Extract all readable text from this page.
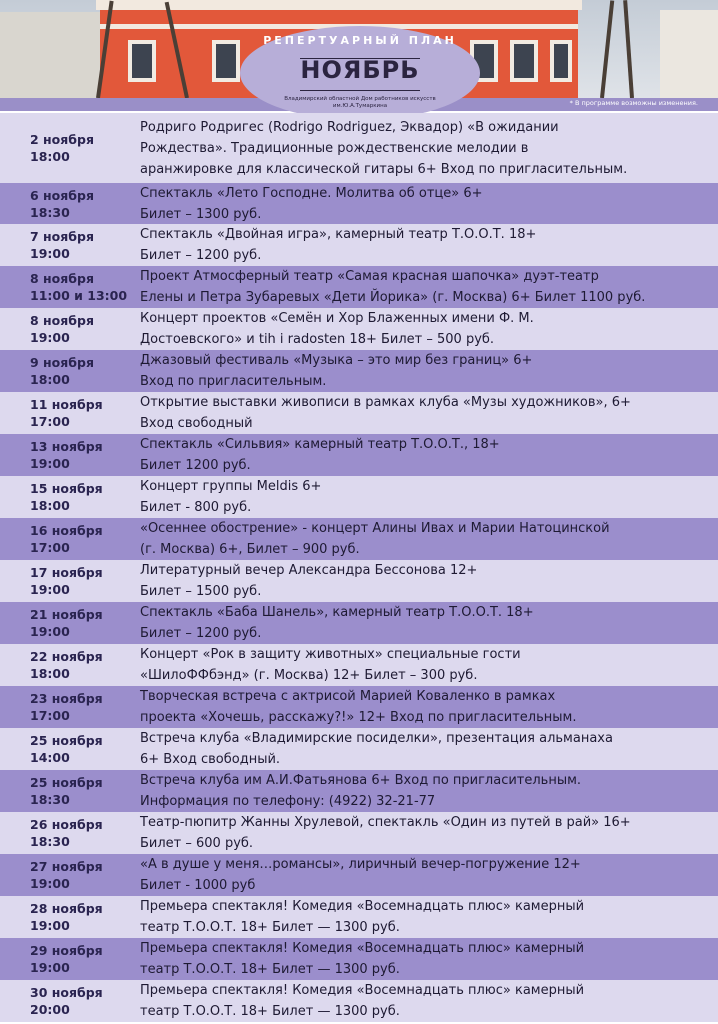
РЕПЕРТУАРНЫЙ ПЛАН
НОЯБРЬ
Владимирский областной Дом работников искусств
им.Ю.А.Тумаркина	* В программе возможны изменения.
2 ноября
18:00
Родриго Родригес (Rodrigo Rodriguez, Эквадор) «В ожидании
Рождества». Традиционные рождественские мелодии в
аранжировке для классической гитары 6+ Вход по пригласительным.
6 ноября
18:30
Спектакль «Лето Господне. Молитва об отце» 6+
Билет – 1300 руб.
7 ноября
19:00
Спектакль «Двойная игра», камерный театр Т.О.О.Т. 18+
Билет – 1200 руб.
8 ноября
11:00 и 13:00
Проект Атмосферный театр «Самая красная шапочка» дуэт-театр
Елены и Петра Зубаревых «Дети Йорика» (г. Москва) 6+ Билет 1100 руб.
8 ноября
19:00
Концерт проектов «Семён и Хор Блаженных имени Ф. М.
Достоевского» и tih i radosten 18+ Билет – 500 руб.
9 ноября
18:00
Джазовый фестиваль «Музыка – это мир без границ» 6+
Вход по пригласительным.
11 ноября
17:00
Открытие выставки живописи в рамках клуба «Музы художников», 6+
Вход свободный
13 ноября
19:00
Спектакль «Сильвия» камерный театр Т.О.О.Т., 18+
Билет 1200 руб.
15 ноября
18:00
Концерт группы Meldis 6+
Билет - 800 руб.
16 ноября
17:00
«Осеннее обострение» - концерт Алины Ивах и Марии Натоцинской
(г. Москва) 6+, Билет – 900 руб.
17 ноября
19:00
Литературный вечер Александра Бессонова 12+
Билет – 1500 руб.
21 ноября
19:00
Спектакль «Баба Шанель», камерный театр Т.О.О.Т. 18+
Билет – 1200 руб.
22 ноября
18:00
Концерт «Рок в защиту животных» специальные гости
«ШилоФФбэнд» (г. Москва) 12+ Билет – 300 руб.
23 ноября
17:00
Творческая встреча с актрисой Марией Коваленко в рамках
проекта «Хочешь, расскажу?!» 12+ Вход по пригласительным.
25 ноября
14:00
Встреча клуба «Владимирские посиделки», презентация альманаха
6+ Вход свободный.
25 ноября
18:30
Встреча клуба им А.И.Фатьянова 6+ Вход по пригласительным.
Информация по телефону: (4922) 32-21-77
26 ноября
18:30
Театр-пюпитр Жанны Хрулевой, спектакль «Один из путей в рай» 16+
Билет – 600 руб.
27 ноября
19:00
«А в душе у меня…романсы», лиричный вечер-погружение 12+
Билет - 1000 руб
28 ноября
19:00
Премьера спектакля! Комедия «Восемнадцать плюс» камерный
театр Т.О.О.Т. 18+ Билет — 1300 руб.
29 ноября
19:00
Премьера спектакля! Комедия «Восемнадцать плюс» камерный
театр Т.О.О.Т. 18+ Билет — 1300 руб.
30 ноября
20:00
Премьера спектакля! Комедия «Восемнадцать плюс» камерный
театр Т.О.О.Т. 18+ Билет — 1300 руб.
